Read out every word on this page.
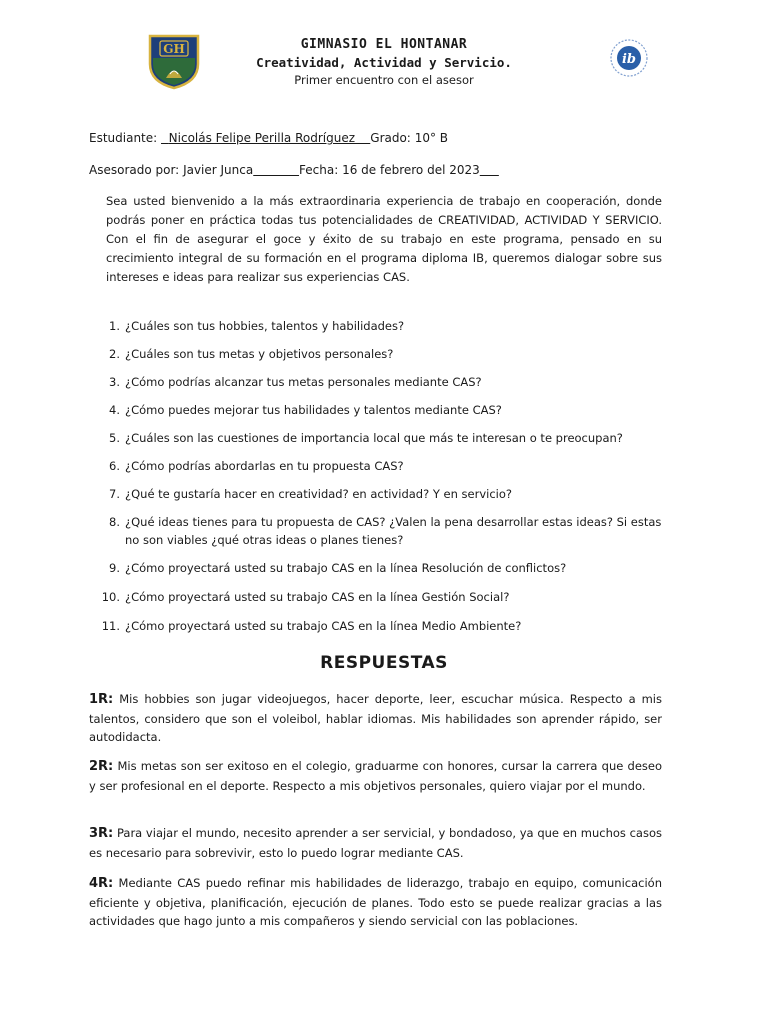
GH
ib
GIMNASIO EL HONTANAR
Creatividad, Actividad y Servicio.
Primer encuentro con el asesor
Estudiante: Nicolás Felipe Perilla Rodríguez Grado: 10° B
Asesorado por: Javier Junca	Fecha: 16 de febrero del 2023
Sea usted bienvenido a la más extraordinaria experiencia de trabajo en cooperación, donde podrás poner en práctica todas tus potencialidades de CREATIVIDAD, ACTIVIDAD Y SERVICIO. Con el fin de asegurar el goce y éxito de su trabajo en este programa, pensado en su crecimiento integral de su formación en el programa diploma IB, queremos dialogar sobre sus intereses e ideas para realizar sus experiencias CAS.
1. ¿Cuáles son tus hobbies, talentos y habilidades?
2. ¿Cuáles son tus metas y objetivos personales?
3. ¿Cómo podrías alcanzar tus metas personales mediante CAS?
4. ¿Cómo puedes mejorar tus habilidades y talentos mediante CAS?
5. ¿Cuáles son las cuestiones de importancia local que más te interesan o te preocupan?
6. ¿Cómo podrías abordarlas en tu propuesta CAS?
7. ¿Qué te gustaría hacer en creatividad? en actividad? Y en servicio?
8. ¿Qué ideas tienes para tu propuesta de CAS? ¿Valen la pena desarrollar estas ideas? Si estas no son viables ¿qué otras ideas o planes tienes?
9. ¿Cómo proyectará usted su trabajo CAS en la línea Resolución de conflictos?
10. ¿Cómo proyectará usted su trabajo CAS en la línea Gestión Social?
11. ¿Cómo proyectará usted su trabajo CAS en la línea Medio Ambiente?
RESPUESTAS
1R: Mis hobbies son jugar videojuegos, hacer deporte, leer, escuchar música. Respecto a mis talentos, considero que son el voleibol, hablar idiomas. Mis habilidades son aprender rápido, ser autodidacta.
2R: Mis metas son ser exitoso en el colegio, graduarme con honores, cursar la carrera que deseo y ser profesional en el deporte. Respecto a mis objetivos personales, quiero viajar por el mundo.
3R: Para viajar el mundo, necesito aprender a ser servicial, y bondadoso, ya que en muchos casos es necesario para sobrevivir, esto lo puedo lograr mediante CAS.
4R: Mediante CAS puedo refinar mis habilidades de liderazgo, trabajo en equipo, comunicación eficiente y objetiva, planificación, ejecución de planes. Todo esto se puede realizar gracias a las actividades que hago junto a mis compañeros y siendo servicial con las poblaciones.
